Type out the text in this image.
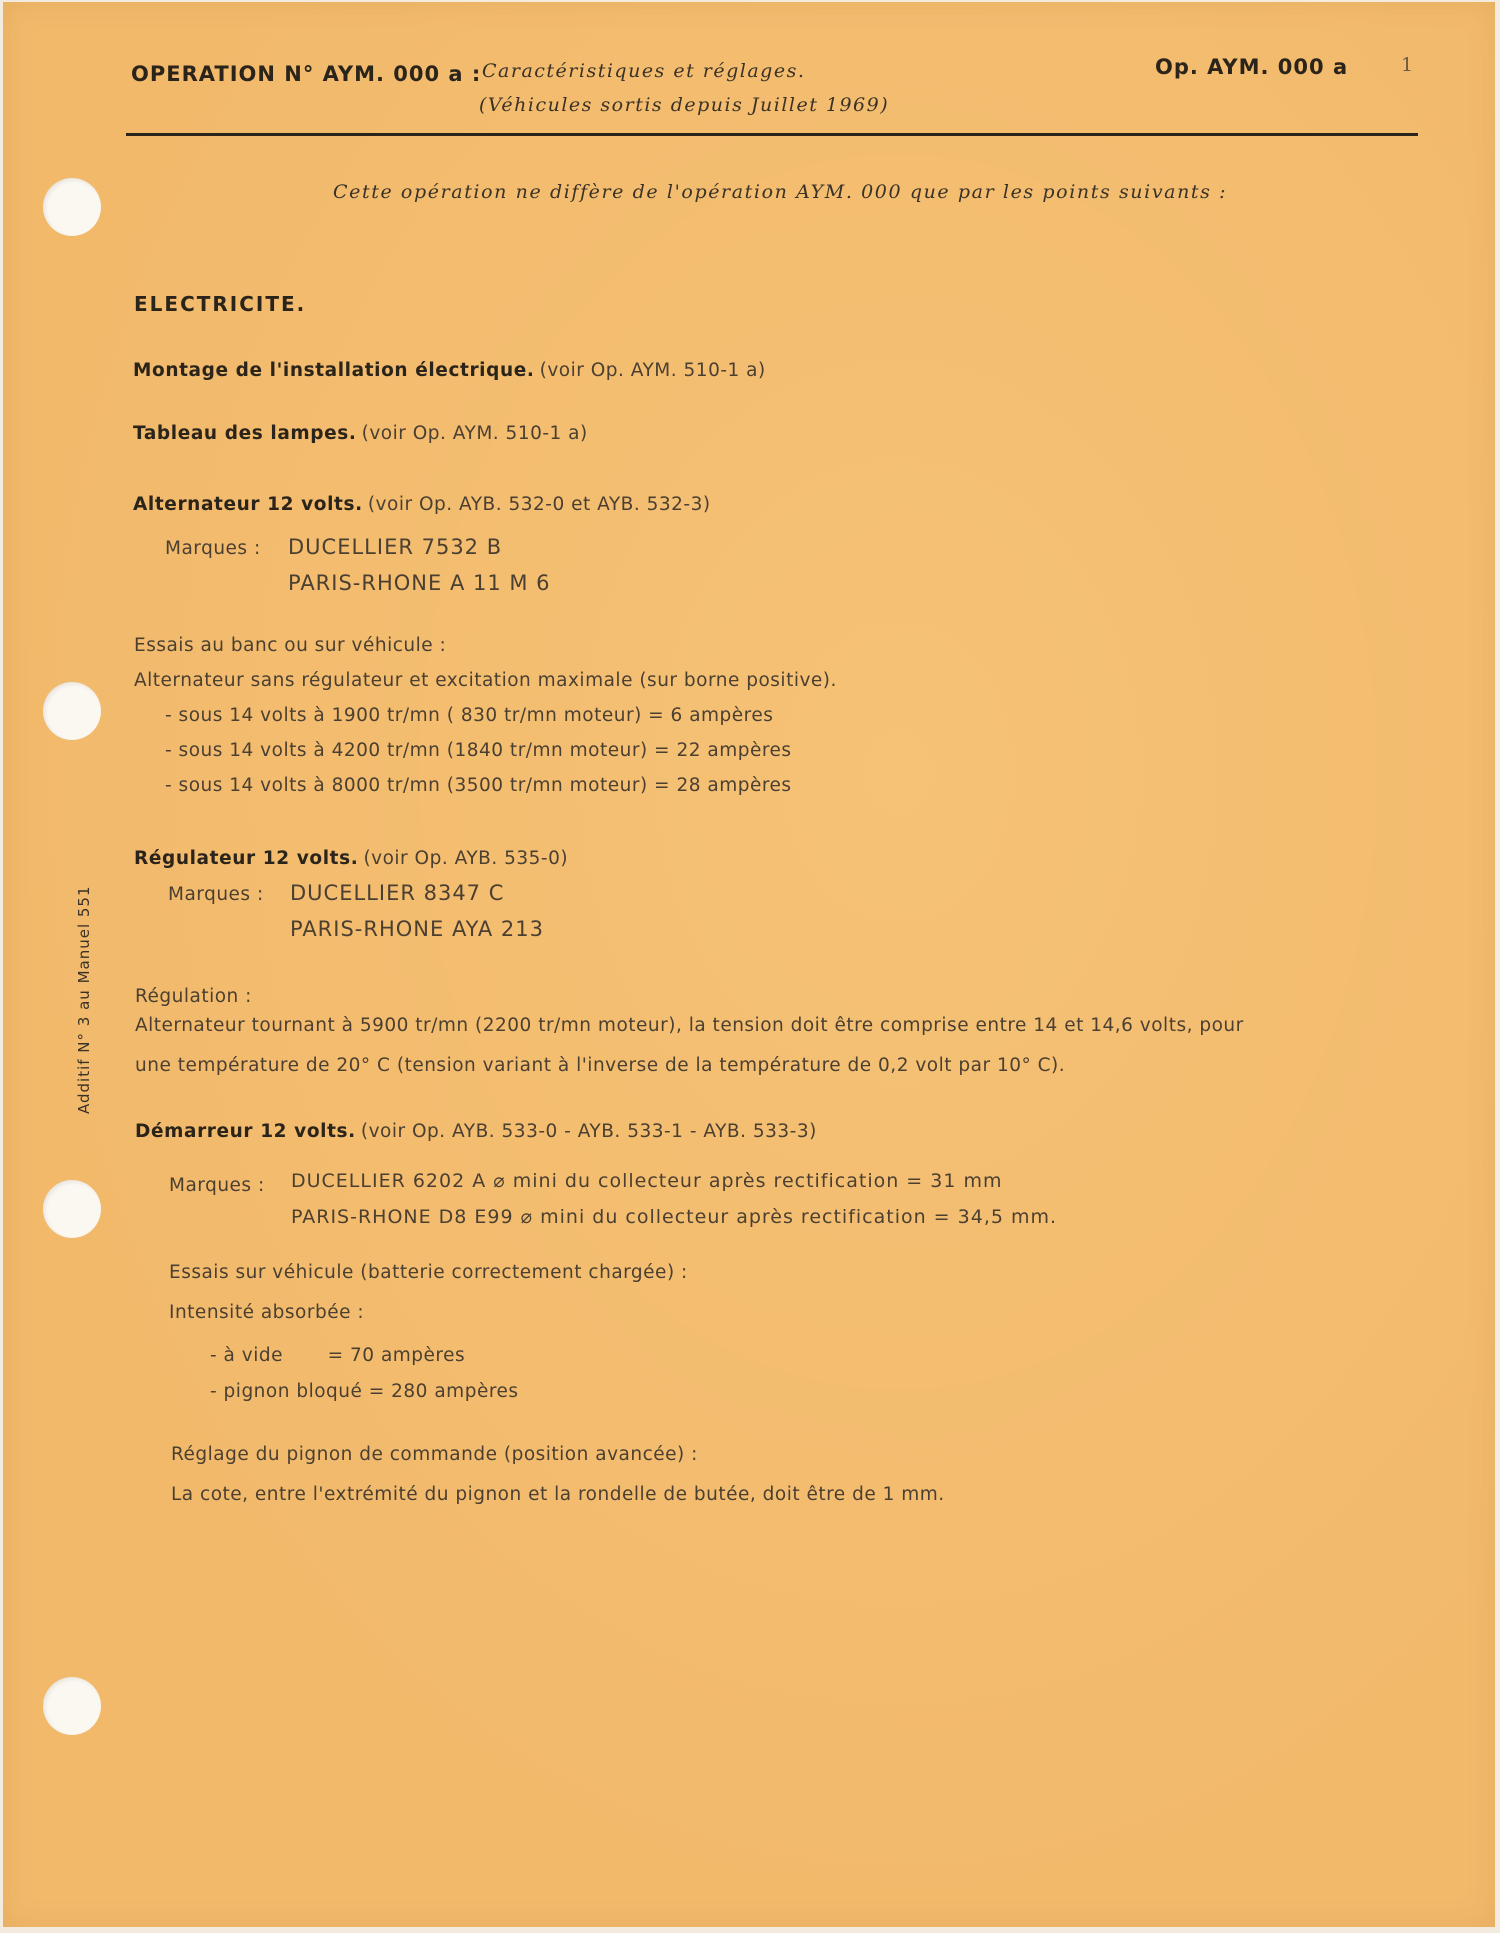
OPERATION N° AYM. 000 a : Caractéristiques et réglages.
(Véhicules sortis depuis Juillet 1969)
Op. AYM. 000 a	1
Cette opération ne diffère de l'opération AYM. 000 que par les points suivants :
ELECTRICITE.
Montage de l'installation électrique. (voir Op. AYM. 510-1 a)
Tableau des lampes. (voir Op. AYM. 510-1 a)
Alternateur 12 volts. (voir Op. AYB. 532-0 et AYB. 532-3)
Marques : DUCELLIER 7532 B
PARIS-RHONE A 11 M 6
Essais au banc ou sur véhicule :
Alternateur sans régulateur et excitation maximale (sur borne positive).
- sous 14 volts à 1900 tr/mn ( 830 tr/mn moteur) = 6 ampères
- sous 14 volts à 4200 tr/mn (1840 tr/mn moteur) = 22 ampères
- sous 14 volts à 8000 tr/mn (3500 tr/mn moteur) = 28 ampères
Régulateur 12 volts. (voir Op. AYB. 535-0)
Marques : DUCELLIER 8347 C
PARIS-RHONE AYA 213
Régulation :
Alternateur tournant à 5900 tr/mn (2200 tr/mn moteur), la tension doit être comprise entre 14 et 14,6 volts, pour
une température de 20° C (tension variant à l'inverse de la température de 0,2 volt par 10° C).
Démarreur 12 volts. (voir Op. AYB. 533-0 - AYB. 533-1 - AYB. 533-3)
Marques : DUCELLIER 6202 A ⌀ mini du collecteur après rectification = 31 mm
PARIS-RHONE D8 E99 ⌀ mini du collecteur après rectification = 34,5 mm.
Essais sur véhicule (batterie correctement chargée) :
Intensité absorbée :
- à vide       = 70 ampères
- pignon bloqué = 280 ampères
Réglage du pignon de commande (position avancée) :
La cote, entre l'extrémité du pignon et la rondelle de butée, doit être de 1 mm.
Additif N° 3 au Manuel 551
